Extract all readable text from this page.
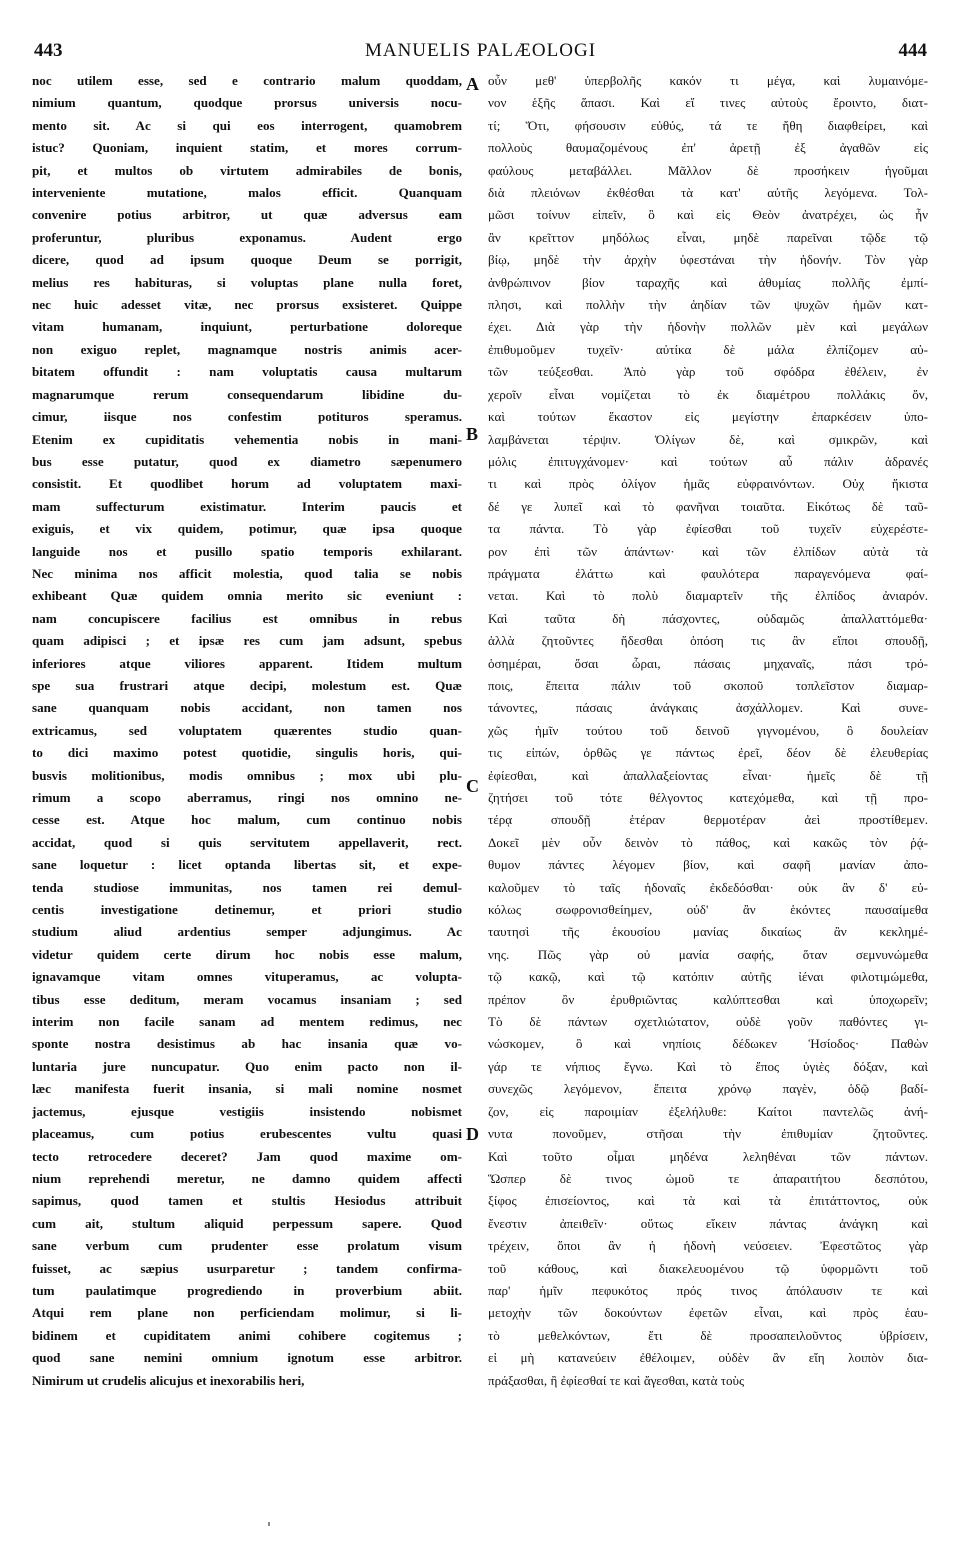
443	MANUELIS PALÆOLOGI	444
noc utilem esse, sed e contrario malum quoddam,
nimium quantum, quodque prorsus universis nocu-
mento sit. Ac si qui eos interrogent, quamobrem
istuc? Quoniam, inquient statim, et mores corrum-
pit, et multos ob virtutem admirabiles de bonis,
interveniente mutatione, malos efficit. Quanquam
convenire potius arbitror, ut quæ adversus eam
proferuntur, pluribus exponamus. Audent ergo
dicere, quod ad ipsum quoque Deum se porrigit,
melius res habituras, si voluptas plane nulla foret,
nec huic adesset vitæ, nec prorsus exsisteret. Quippe
vitam humanam, inquiunt, perturbatione doloreque
non exiguo replet, magnamque nostris animis acer-
bitatem offundit : nam voluptatis causa multarum
magnarumque rerum consequendarum libidine du-
cimur, iisque nos confestim potituros speramus.
Etenim ex cupiditatis vehementia nobis in mani-
bus esse putatur, quod ex diametro sæpenumero
consistit. Et quodlibet horum ad voluptatem maxi-
mam suffecturum existimatur. Interim paucis et
exiguis, et vix quidem, potimur, quæ ipsa quoque
languide nos et pusillo spatio temporis exhilarant.
Nec minima nos afficit molestia, quod talia se nobis
exhibeant Quæ quidem omnia merito sic eveniunt :
nam concupiscere facilius est omnibus in rebus
quam adipisci ; et ipsæ res cum jam adsunt, spebus
inferiores atque viliores apparent. Itidem multum
spe sua frustrari atque decipi, molestum est. Quæ
sane quanquam nobis accidant, non tamen nos
extricamus, sed voluptatem quærentes studio quan-
to dici maximo potest quotidie, singulis horis, qui-
busvis molitionibus, modis omnibus ; mox ubi plu-
rimum a scopo aberramus, ringi nos omnino ne-
cesse est. Atque hoc malum, cum continuo nobis
accidat, quod si quis servitutem appellaverit, rect.
sane loquetur : licet optanda libertas sit, et expe-
tenda studiose immunitas, nos tamen rei demul-
centis investigatione detinemur, et priori studio
studium aliud ardentius semper adjungimus. Ac
videtur quidem certe dirum hoc nobis esse malum,
ignavamque vitam omnes vituperamus, ac volupta-
tibus esse deditum, meram vocamus insaniam ; sed
interim non facile sanam ad mentem redimus, nec
sponte nostra desistimus ab hac insania quæ vo-
luntaria jure nuncupatur. Quo enim pacto non il-
læc manifesta fuerit insania, si mali nomine nosmet
jactemus, ejusque vestigiis insistendo nobismet
placeamus, cum potius erubescentes vultu quasi
tecto retrocedere deceret? Jam quod maxime om-
nium reprehendi meretur, ne damno quidem affecti
sapimus, quod tamen et stultis Hesiodus attribuit
cum ait, stultum aliquid perpessum sapere. Quod
sane verbum cum prudenter esse prolatum visum
fuisset, ac sæpius usurparetur ; tandem confirma-
tum paulatimque progrediendo in proverbium abiit.
Atqui rem plane non perficiendam molimur, si li-
bidinem et cupiditatem animi cohibere cogitemus ;
quod sane nemini omnium ignotum esse arbitror.
Nimirum ut crudelis alicujus et inexorabilis heri,
οὖν μεθ' ὑπερβολῆς κακόν τι μέγα, καὶ λυμαινόμε-
νον ἑξῆς ἅπασι. Καὶ εἴ τινες αὐτοὺς ἔροιντο, διατ-
τί; Ὅτι, φήσουσιν εὐθύς, τά τε ἤθη διαφθείρει, καὶ
πολλοὺς θαυμαζομένους ἐπ' ἀρετῇ ἐξ ἀγαθῶν εἰς
φαύλους μεταβάλλει. Μᾶλλον δὲ προσήκειν ἡγοῦμαι
διὰ πλειόνων ἐκθέσθαι τὰ κατ' αὐτῆς λεγόμενα. Τολ-
μῶσι τοίνυν εἰπεῖν, ὃ καὶ εἰς Θεὸν ἀνατρέχει, ὡς ἦν
ἂν κρεῖττον μηδόλως εἶναι, μηδὲ παρεῖναι τῷδε τῷ
βίῳ, μηδὲ τὴν ἀρχὴν ὑφεστάναι τὴν ἡδονήν. Τὸν γὰρ
ἀνθρώπινον βίον ταραχῆς καὶ ἀθυμίας πολλῆς ἐμπί-
πλησι, καὶ πολλὴν τὴν ἀηδίαν τῶν ψυχῶν ἡμῶν κατ-
έχει. Διὰ γὰρ τὴν ἡδονὴν πολλῶν μὲν καὶ μεγάλων
ἐπιθυμοῦμεν τυχεῖν· αὐτίκα δὲ μάλα ἐλπίζομεν αὐ-
τῶν τεύξεσθαι. Ἀπὸ γὰρ τοῦ σφόδρα ἐθέλειν, ἐν
χεροῖν εἶναι νομίζεται τὸ ἐκ διαμέτρου πολλάκις ὄν,
καὶ τούτων ἕκαστον εἰς μεγίστην ἐπαρκέσειν ὑπο-
λαμβάνεται τέρψιν. Ὀλίγων δὲ, καὶ σμικρῶν, καὶ
μόλις ἐπιτυγχάνομεν· καὶ τούτων αὖ πάλιν ἀδρανές
τι καὶ πρὸς ὀλίγον ἡμᾶς εὐφραινόντων. Οὐχ ἥκιστα
δέ γε λυπεῖ καὶ τὸ φανῆναι τοιαῦτα. Εἰκότως δὲ ταῦ-
τα πάντα. Τὸ γὰρ ἐφίεσθαι τοῦ τυχεῖν εὐχερέστε-
ρον ἐπὶ τῶν ἁπάντων· καὶ τῶν ἐλπίδων αὐτὰ τὰ
πράγματα ἐλάττω καὶ φαυλότερα παραγενόμενα φαί-
νεται. Καὶ τὸ πολὺ διαμαρτεῖν τῆς ἐλπίδος ἀνιαρόν.
Καὶ ταῦτα δὴ πάσχοντες, οὐδαμῶς ἀπαλλαττόμεθα·
ἀλλὰ ζητοῦντες ἥδεσθαι ὁπόση τις ἂν εἴποι σπουδῇ,
ὁσημέραι, ὅσαι ὧραι, πάσαις μηχαναῖς, πάσι τρό-
ποις, ἔπειτα πάλιν τοῦ σκοποῦ τοπλεῖστον διαμαρ-
τάνοντες, πάσαις ἀνάγκαις ἀσχάλλομεν. Καὶ συνε-
χῶς ἡμῖν τούτου τοῦ δεινοῦ γιγνομένου, ὃ δουλείαν
τις εἰπών, ὀρθῶς γε πάντως ἐρεῖ, δέον δὲ ἐλευθερίας
ἐφίεσθαι, καὶ ἀπαλλαξείοντας εἶναι· ἡμεῖς δὲ τῇ
ζητήσει τοῦ τότε θέλγοντος κατεχόμεθα, καὶ τῇ προ-
τέρᾳ σπουδῇ ἑτέραν θερμοτέραν ἀεὶ προστίθεμεν.
Δοκεῖ μὲν οὖν δεινὸν τὸ πάθος, καὶ κακῶς τὸν ῥᾴ-
θυμον πάντες λέγομεν βίον, καὶ σαφῆ μανίαν ἀπο-
καλοῦμεν τὸ ταῖς ἡδοναῖς ἐκδεδόσθαι· οὐκ ἂν δ' εὐ-
κόλως σωφρονισθείημεν, οὐδ' ἂν ἑκόντες παυσαίμεθα
ταυτησὶ τῆς ἑκουσίου μανίας δικαίως ἂν κεκλημέ-
νης. Πῶς γὰρ οὐ μανία σαφής, ὅταν σεμνυνώμεθα
τῷ κακῷ, καὶ τῷ κατόπιν αὐτῆς ἰέναι φιλοτιμώμεθα,
πρέπον ὂν ἐρυθριῶντας καλύπτεσθαι καὶ ὑποχωρεῖν;
Τὸ δὲ πάντων σχετλιώτατον, οὐδὲ γοῦν παθόντες γι-
νώσκομεν, ὃ καὶ νηπίοις δέδωκεν Ἡσίοδος· Παθὼν
γάρ τε νήπιος ἔγνω. Καὶ τὸ ἔπος ὑγιὲς δόξαν, καὶ
συνεχῶς λεγόμενον, ἔπειτα χρόνῳ παγὲν, ὁδῷ βαδί-
ζον, εἰς παροιμίαν ἐξελήλυθε: Καίτοι παντελῶς ἀνή-
νυτα πονοῦμεν, στῆσαι τὴν ἐπιθυμίαν ζητοῦντες.
Καὶ τοῦτο οἶμαι μηδένα λεληθέναι τῶν πάντων.
Ὥσπερ δὲ τινος ὠμοῦ τε ἀπαραιτήτου δεσπότου,
ξίφος ἐπισείοντος, καὶ τὰ καὶ τὰ ἐπιτάττοντος, οὐκ
ἔνεστιν ἀπειθεῖν· οὕτως εἴκειν πάντας ἀνάγκη καὶ
τρέχειν, ὅποι ἂν ἡ ἡδονὴ νεύσειεν. Ἐφεστῶτος γὰρ
τοῦ κάθους, καὶ διακελευομένου τῷ ὑφορμῶντι τοῦ
παρ' ἡμῖν πεφυκότος πρός τινος ἀπόλαυσιν τε καὶ
μετοχὴν τῶν δοκούντων ἐφετῶν εἶναι, καὶ πρὸς ἑαυ-
τὸ μεθελκόντων, ἔτι δὲ προσαπειλοῦντος ὑβρίσειν,
εἰ μὴ κατανεύειν ἐθέλοιμεν, οὐδὲν ἂν εἴη λοιπὸν δια-
πράξασθαι, ἢ ἐφίεσθαί τε καὶ ἄγεσθαι, κατὰ τοὺς
A
B
C
D
